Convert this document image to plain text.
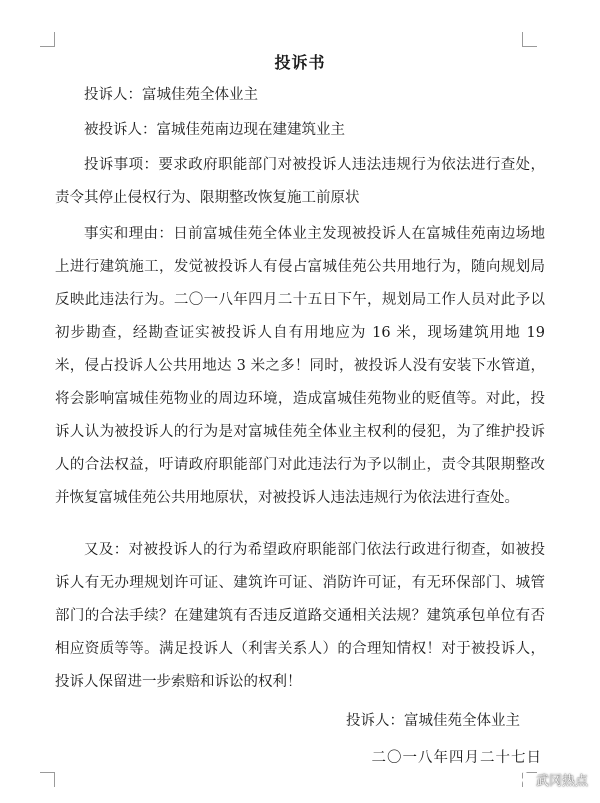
投诉书

投诉人：富城佳苑全体业主

被投诉人：富城佳苑南边现在建建筑业主

投诉事项：要求政府职能部门对被投诉人违法违规行为依法进行查处，责令其停止侵权行为、限期整改恢复施工前原状

事实和理由：日前富城佳苑全体业主发现被投诉人在富城佳苑南边场地上进行建筑施工，发觉被投诉人有侵占富城佳苑公共用地行为，随向规划局反映此违法行为。二〇一八年四月二十五日下午，规划局工作人员对此予以初步勘查，经勘查证实被投诉人自有用地应为 16 米，现场建筑用地 19 米，侵占投诉人公共用地达 3 米之多！同时，被投诉人没有安装下水管道，将会影响富城佳苑物业的周边环境，造成富城佳苑物业的贬值等。对此，投诉人认为被投诉人的行为是对富城佳苑全体业主权利的侵犯，为了维护投诉人的合法权益，吁请政府职能部门对此违法行为予以制止，责令其限期整改并恢复富城佳苑公共用地原状，对被投诉人违法违规行为依法进行查处。

又及：对被投诉人的行为希望政府职能部门依法行政进行彻查，如被投诉人有无办理规划许可证、建筑许可证、消防许可证，有无环保部门、城管部门的合法手续？在建建筑有否违反道路交通相关法规？建筑承包单位有否相应资质等等。满足投诉人（利害关系人）的合理知情权！对于被投诉人，投诉人保留进一步索赔和诉讼的权利！

投诉人：富城佳苑全体业主
二〇一八年四月二十七日
武冈热点
